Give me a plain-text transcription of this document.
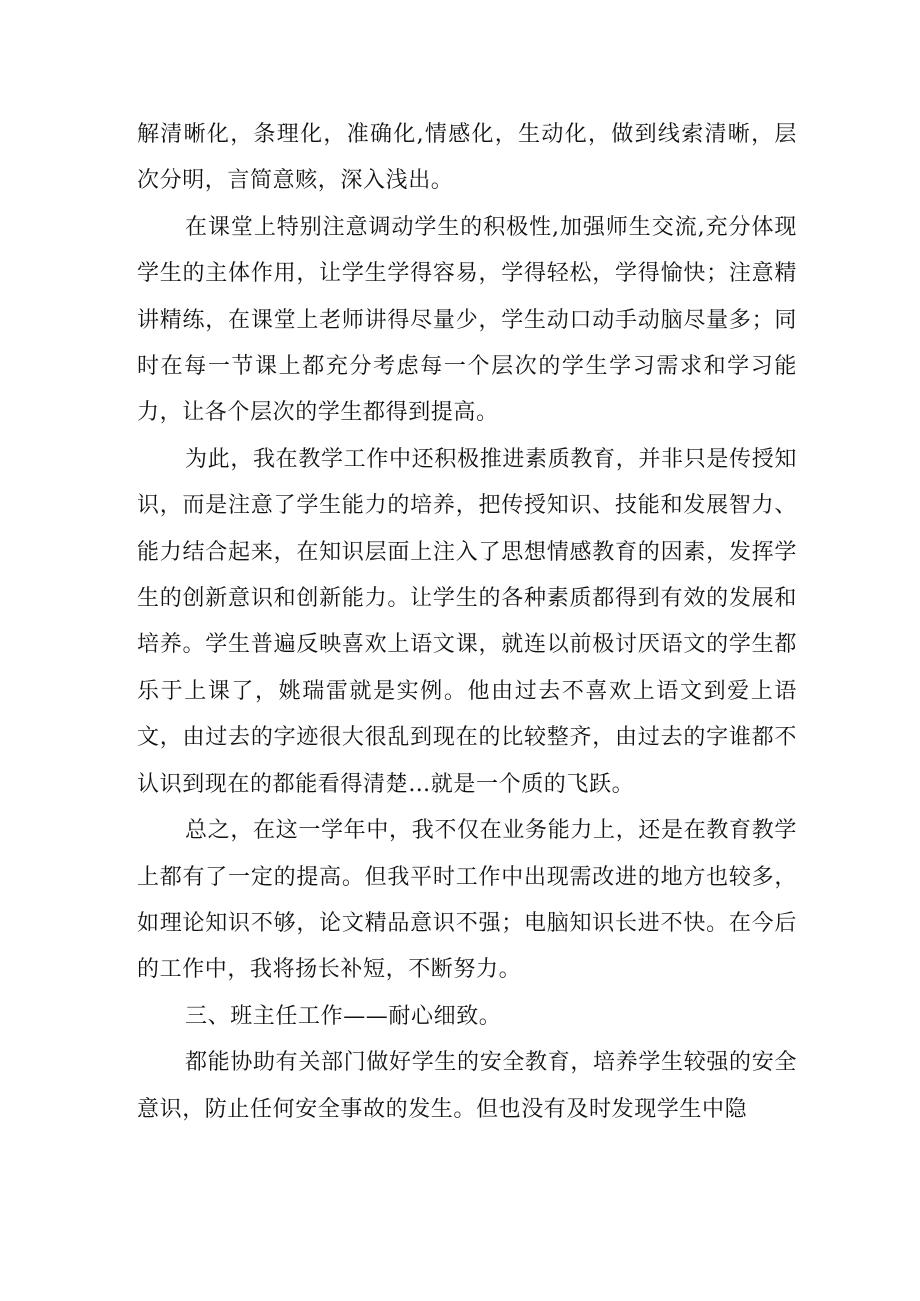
解清晰化，条理化，准确化,情感化，生动化，做到线索清晰，层次分明，言简意赅，深入浅出。

在课堂上特别注意调动学生的积极性,加强师生交流,充分体现学生的主体作用，让学生学得容易，学得轻松，学得愉快；注意精讲精练，在课堂上老师讲得尽量少，学生动口动手动脑尽量多；同时在每一节课上都充分考虑每一个层次的学生学习需求和学习能力，让各个层次的学生都得到提高。

为此，我在教学工作中还积极推进素质教育，并非只是传授知识，而是注意了学生能力的培养，把传授知识、技能和发展智力、能力结合起来，在知识层面上注入了思想情感教育的因素，发挥学生的创新意识和创新能力。让学生的各种素质都得到有效的发展和培养。学生普遍反映喜欢上语文课，就连以前极讨厌语文的学生都乐于上课了，姚瑞雷就是实例。他由过去不喜欢上语文到爱上语文，由过去的字迹很大很乱到现在的比较整齐，由过去的字谁都不认识到现在的都能看得清楚…就是一个质的飞跃。

总之，在这一学年中，我不仅在业务能力上，还是在教育教学上都有了一定的提高。但我平时工作中出现需改进的地方也较多，如理论知识不够，论文精品意识不强；电脑知识长进不快。在今后的工作中，我将扬长补短，不断努力。

三、班主任工作——耐心细致。

都能协助有关部门做好学生的安全教育，培养学生较强的安全意识，防止任何安全事故的发生。但也没有及时发现学生中隐
